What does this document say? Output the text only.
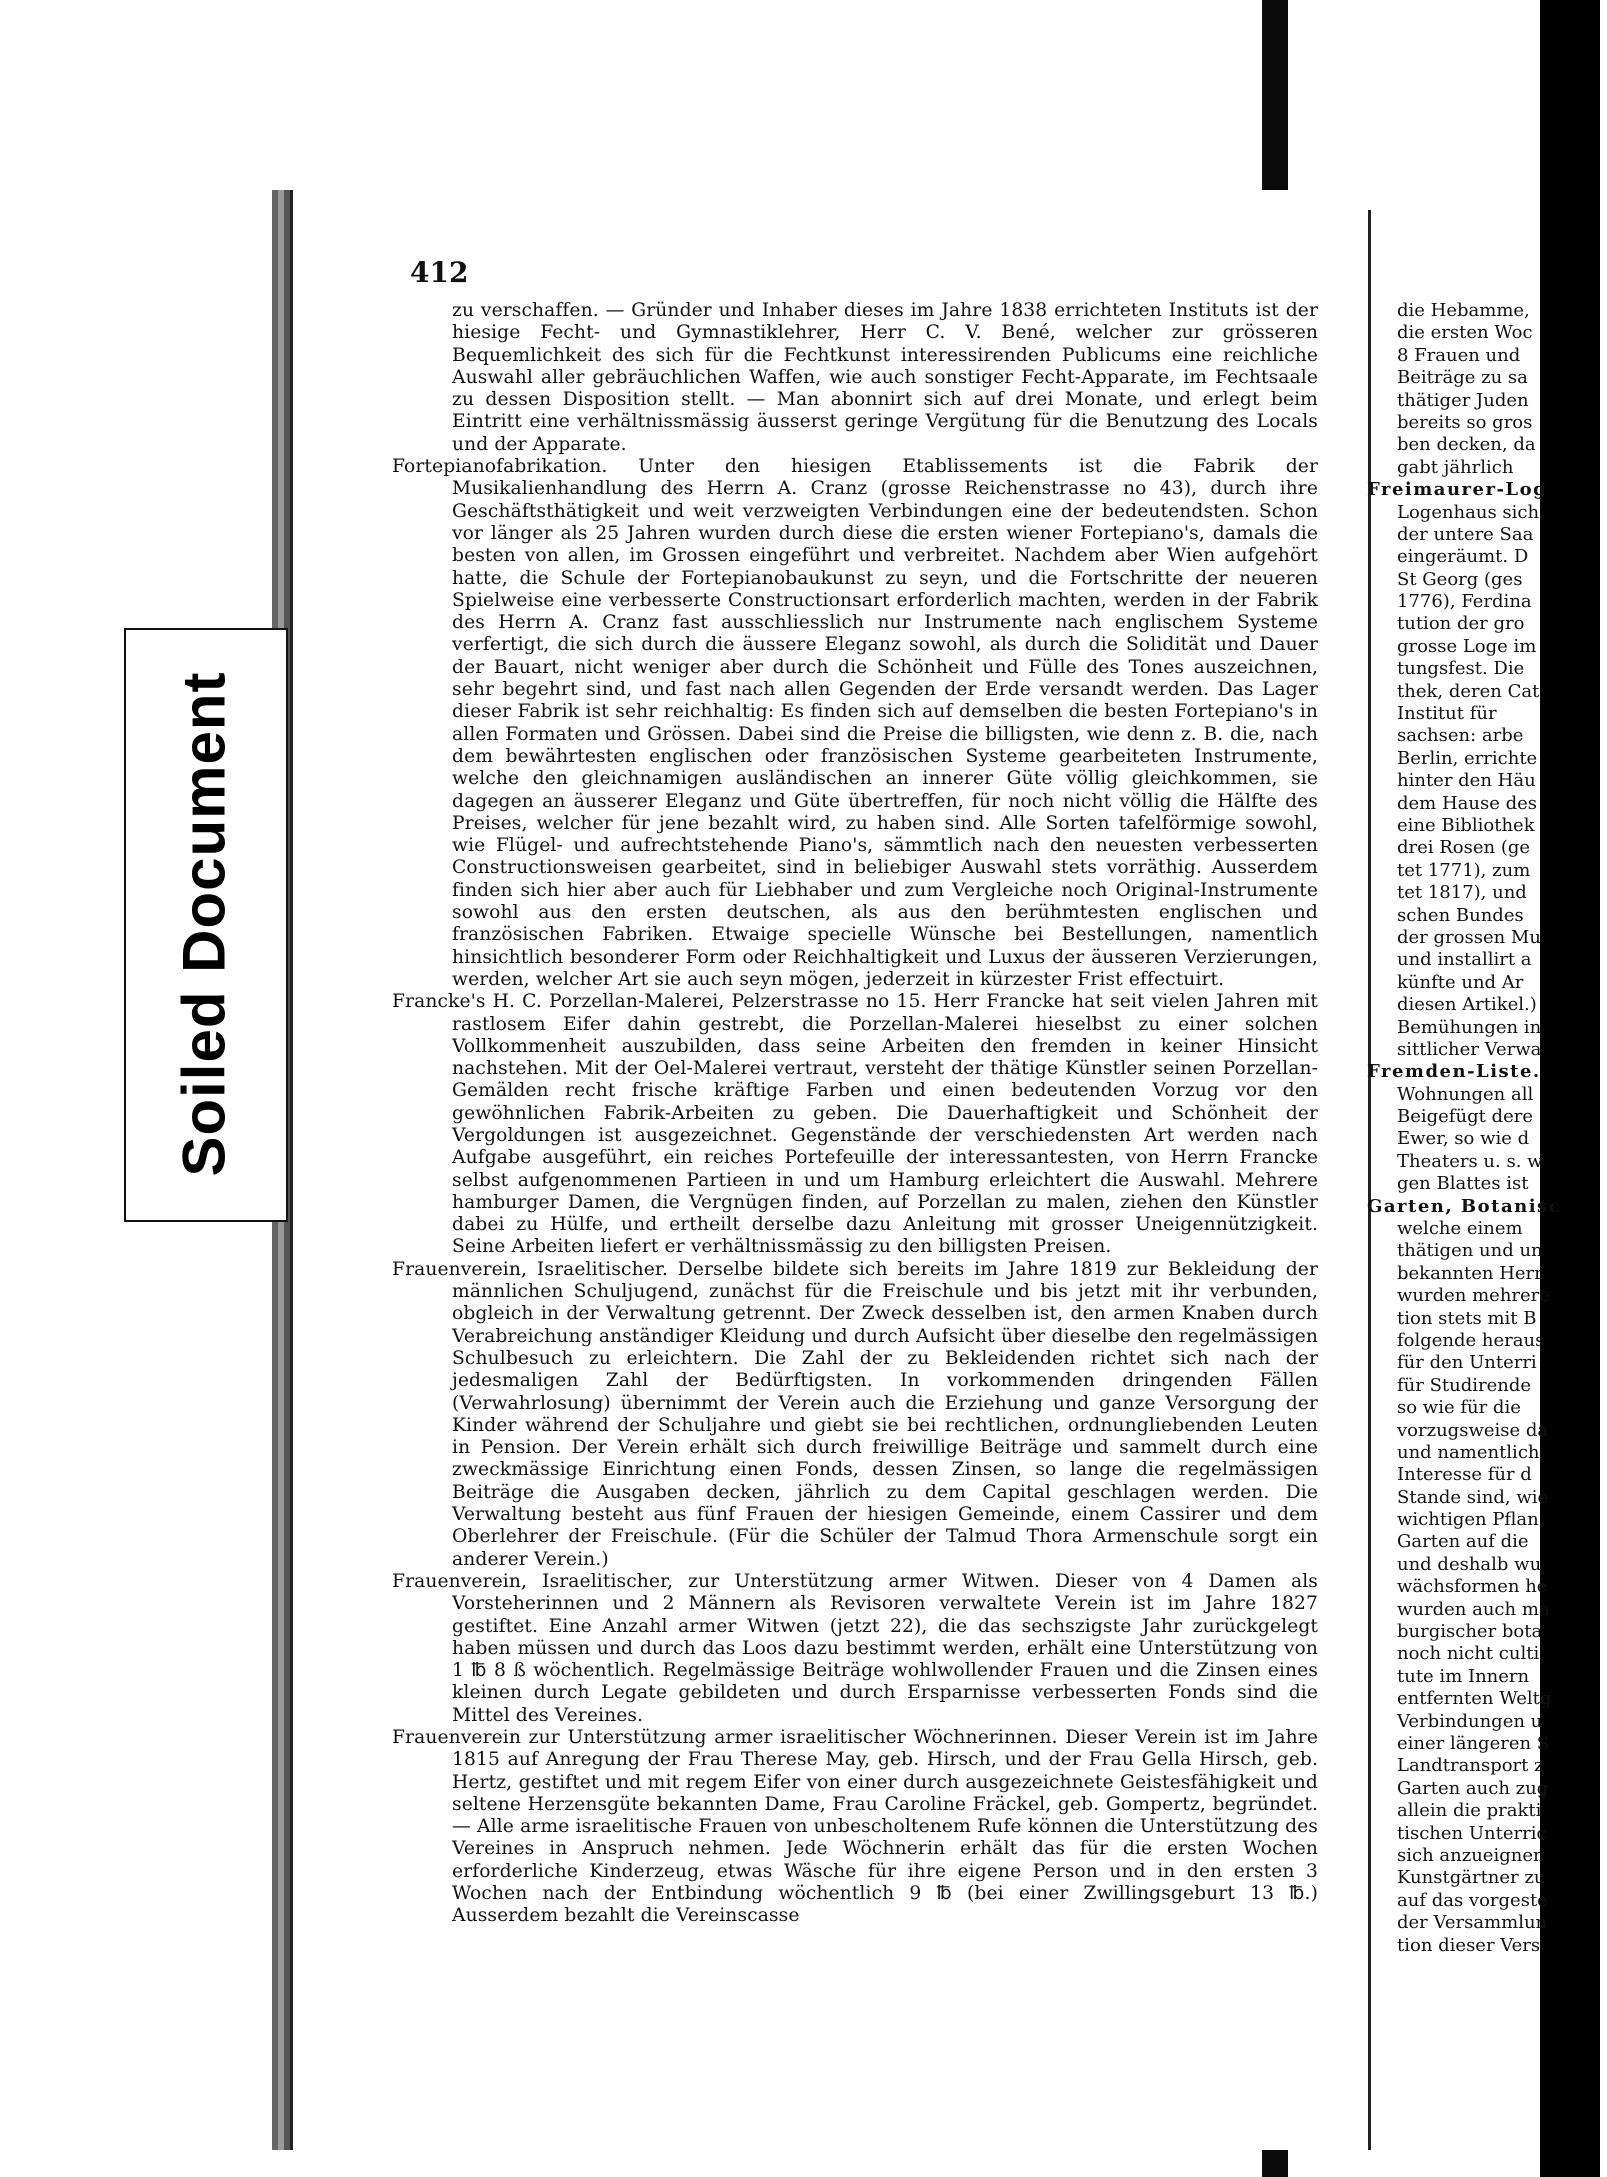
Soiled Document
412

zu verschaffen. — Gründer und Inhaber dieses im Jahre 1838 errichteten Instituts ist der hiesige Fecht- und Gymnastiklehrer, Herr C. V. Bené, welcher zur grösseren Bequemlichkeit des sich für die Fechtkunst interessirenden Publicums eine reichliche Auswahl aller gebräuchlichen Waffen, wie auch sonstiger Fecht-Apparate, im Fechtsaale zu dessen Disposition stellt. — Man abonnirt sich auf drei Monate, und erlegt beim Eintritt eine verhältnissmässig äusserst geringe Vergütung für die Benutzung des Locals und der Apparate.

Fortepianofabrikation. Unter den hiesigen Etablissements ist die Fabrik der Musikalienhandlung des Herrn A. Cranz (grosse Reichenstrasse no 43), durch ihre Geschäftsthätigkeit und weit verzweigten Verbindungen eine der bedeutendsten. Schon vor länger als 25 Jahren wurden durch diese die ersten wiener Fortepiano's, damals die besten von allen, im Grossen eingeführt und verbreitet. Nachdem aber Wien aufgehört hatte, die Schule der Fortepianobaukunst zu seyn, und die Fortschritte der neueren Spielweise eine verbesserte Constructionsart erforderlich machten, werden in der Fabrik des Herrn A. Cranz fast ausschliesslich nur Instrumente nach englischem Systeme verfertigt, die sich durch die äussere Eleganz sowohl, als durch die Solidität und Dauer der Bauart, nicht weniger aber durch die Schönheit und Fülle des Tones auszeichnen, sehr begehrt sind, und fast nach allen Gegenden der Erde versandt werden. Das Lager dieser Fabrik ist sehr reichhaltig: Es finden sich auf demselben die besten Fortepiano's in allen Formaten und Grössen. Dabei sind die Preise die billigsten, wie denn z. B. die, nach dem bewährtesten englischen oder französischen Systeme gearbeiteten Instrumente, welche den gleichnamigen ausländischen an innerer Güte völlig gleichkommen, sie dagegen an äusserer Eleganz und Güte übertreffen, für noch nicht völlig die Hälfte des Preises, welcher für jene bezahlt wird, zu haben sind. Alle Sorten tafelförmige sowohl, wie Flügel- und aufrechtstehende Piano's, sämmtlich nach den neuesten verbesserten Constructionsweisen gearbeitet, sind in beliebiger Auswahl stets vorräthig. Ausserdem finden sich hier aber auch für Liebhaber und zum Vergleiche noch Original-Instrumente sowohl aus den ersten deutschen, als aus den berühmtesten englischen und französischen Fabriken. Etwaige specielle Wünsche bei Bestellungen, namentlich hinsichtlich besonderer Form oder Reichhaltigkeit und Luxus der äusseren Verzierungen, werden, welcher Art sie auch seyn mögen, jederzeit in kürzester Frist effectuirt.

Francke's H. C. Porzellan-Malerei, Pelzerstrasse no 15. Herr Francke hat seit vielen Jahren mit rastlosem Eifer dahin gestrebt, die Porzellan-Malerei hieselbst zu einer solchen Vollkommenheit auszubilden, dass seine Arbeiten den fremden in keiner Hinsicht nachstehen. Mit der Oel-Malerei vertraut, versteht der thätige Künstler seinen Porzellan-Gemälden recht frische kräftige Farben und einen bedeutenden Vorzug vor den gewöhnlichen Fabrik-Arbeiten zu geben. Die Dauerhaftigkeit und Schönheit der Vergoldungen ist ausgezeichnet. Gegenstände der verschiedensten Art werden nach Aufgabe ausgeführt, ein reiches Portefeuille der interessantesten, von Herrn Francke selbst aufgenommenen Partieen in und um Hamburg erleichtert die Auswahl. Mehrere hamburger Damen, die Vergnügen finden, auf Porzellan zu malen, ziehen den Künstler dabei zu Hülfe, und ertheilt derselbe dazu Anleitung mit grosser Uneigennützigkeit. Seine Arbeiten liefert er verhältnissmässig zu den billigsten Preisen.

Frauenverein, Israelitischer. Derselbe bildete sich bereits im Jahre 1819 zur Bekleidung der männlichen Schuljugend, zunächst für die Freischule und bis jetzt mit ihr verbunden, obgleich in der Verwaltung getrennt. Der Zweck desselben ist, den armen Knaben durch Verabreichung anständiger Kleidung und durch Aufsicht über dieselbe den regelmässigen Schulbesuch zu erleichtern. Die Zahl der zu Bekleidenden richtet sich nach der jedesmaligen Zahl der Bedürftigsten. In vorkommenden dringenden Fällen (Verwahrlosung) übernimmt der Verein auch die Erziehung und ganze Versorgung der Kinder während der Schuljahre und giebt sie bei rechtlichen, ordnungliebenden Leuten in Pension. Der Verein erhält sich durch freiwillige Beiträge und sammelt durch eine zweckmässige Einrichtung einen Fonds, dessen Zinsen, so lange die regelmässigen Beiträge die Ausgaben decken, jährlich zu dem Capital geschlagen werden. Die Verwaltung besteht aus fünf Frauen der hiesigen Gemeinde, einem Cassirer und dem Oberlehrer der Freischule. (Für die Schüler der Talmud Thora Armenschule sorgt ein anderer Verein.)

Frauenverein, Israelitischer, zur Unterstützung armer Witwen. Dieser von 4 Damen als Vorsteherinnen und 2 Männern als Revisoren verwaltete Verein ist im Jahre 1827 gestiftet. Eine Anzahl armer Witwen (jetzt 22), die das sechszigste Jahr zurückgelegt haben müssen und durch das Loos dazu bestimmt werden, erhält eine Unterstützung von 1 ℔ 8 ß wöchentlich. Regelmässige Beiträge wohlwollender Frauen und die Zinsen eines kleinen durch Legate gebildeten und durch Ersparnisse verbesserten Fonds sind die Mittel des Vereines.

Frauenverein zur Unterstützung armer israelitischer Wöchnerinnen. Dieser Verein ist im Jahre 1815 auf Anregung der Frau Therese May, geb. Hirsch, und der Frau Gella Hirsch, geb. Hertz, gestiftet und mit regem Eifer von einer durch ausgezeichnete Geistesfähigkeit und seltene Herzensgüte bekannten Dame, Frau Caroline Fräckel, geb. Gompertz, begründet. — Alle arme israelitische Frauen von unbescholtenem Rufe können die Unterstützung des Vereines in Anspruch nehmen. Jede Wöchnerin erhält das für die ersten Wochen erforderliche Kinderzeug, etwas Wäsche für ihre eigene Person und in den ersten 3 Wochen nach der Entbindung wöchentlich 9 ℔ (bei einer Zwillingsgeburt 13 ℔.) Ausserdem bezahlt die Vereinscasse

die Hebamme,
die ersten Woc
8 Frauen und
Beiträge zu sa
thätiger Juden
bereits so gros
ben decken, da
gabt jährlich
Freimaurer-Log
Logenhaus sich
der untere Saa
eingeräumt. D
St Georg (ges
1776), Ferdina
tution der gro
grosse Loge im
tungsfest. Die
thek, deren Cat
Institut für
sachsen: arbe
Berlin, errichte
hinter den Häu
dem Hause des
eine Bibliothek
drei Rosen (ge
tet 1771), zum
tet 1817), und
schen Bundes
der grossen Mu
und installirt a
künfte und Ar
diesen Artikel.)
Bemühungen in
sittlicher Verwa
Fremden-Liste.
Wohnungen all
Beigefügt dere
Ewer, so wie d
Theaters u. s. w
gen Blattes ist
Garten, Botanisc
welche einem
thätigen und un
bekannten Herr
wurden mehrere
tion stets mit B
folgende heraus
für den Unterri
für Studirende
so wie für die
vorzugsweise da
und namentlich
Interesse für d
Stande sind, wie
wichtigen Pflan
Garten auf die
und deshalb wu
wächsformen he
wurden auch ma
burgischer bota
noch nicht culti
tute im Innern
entfernten Weltg
Verbindungen u
einer längeren S
Landtransport z
Garten auch zug
allein die prakti
tischen Unterric
sich anzueignen
Kunstgärtner zu
auf das vorgeste
der Versammlun
tion dieser Vers
